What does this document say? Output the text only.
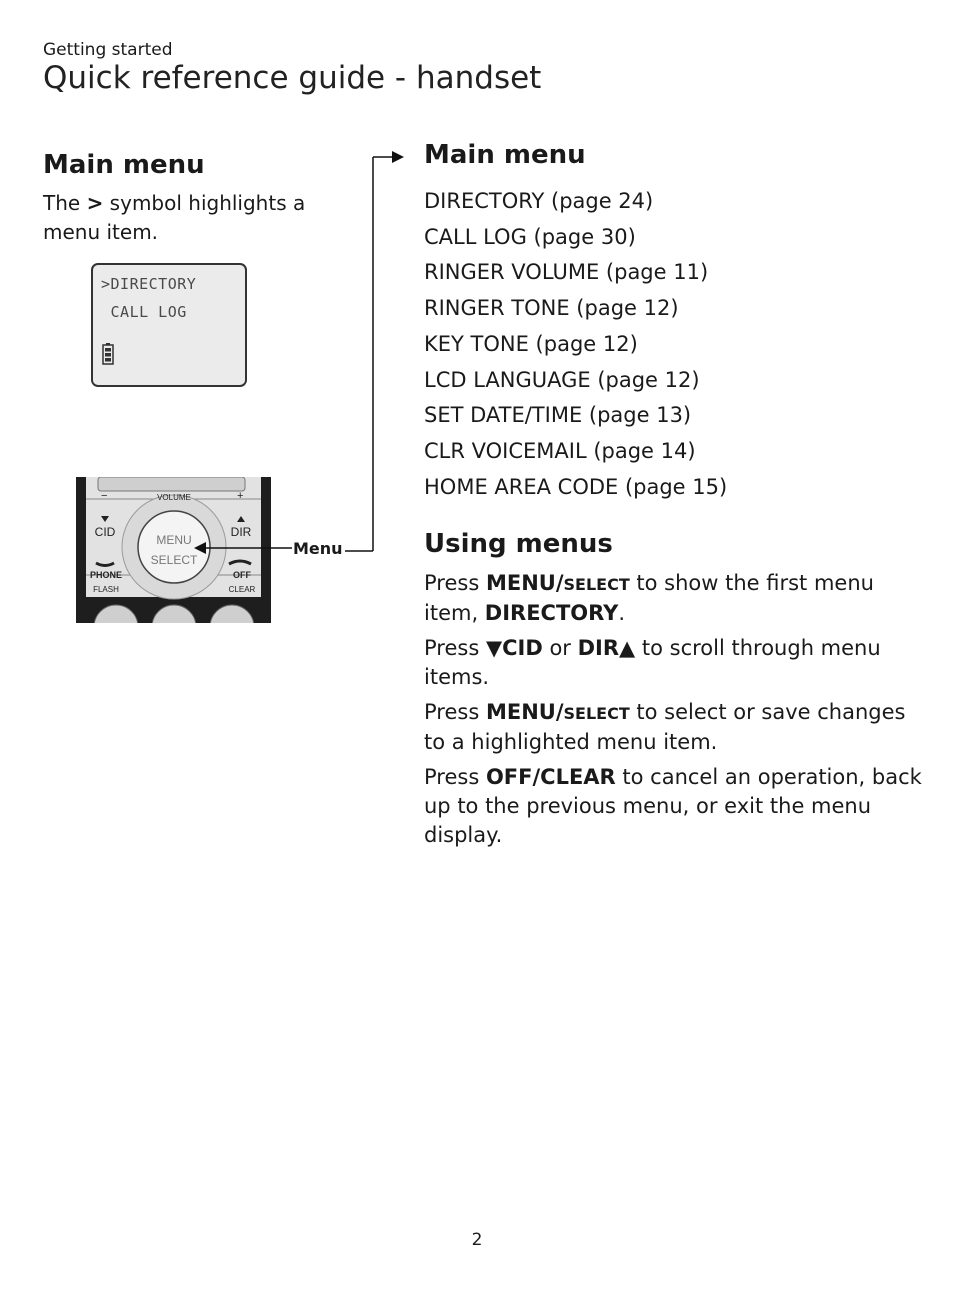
Getting started
Quick reference guide - handset
Main menu

The > symbol highlights a menu item.

>DIRECTORY
CALL LOG
−	VOLUME	+
CID	DIR
MENU
SELECT
PHONE
FLASH
OFF
CLEAR
Menu
Main menu
DIRECTORY (page 24)
CALL LOG (page 30)
RINGER VOLUME (page 11)
RINGER TONE (page 12)
KEY TONE (page 12)
LCD LANGUAGE (page 12)
SET DATE/TIME (page 13)
CLR VOICEMAIL (page 14)
HOME AREA CODE (page 15)
Using menus

Press MENU/SELECT to show the first menu item, DIRECTORY.

Press ▼CID or DIR▲ to scroll through menu items.

Press MENU/SELECT to select or save changes to a highlighted menu item.

Press OFF/CLEAR to cancel an operation, back up to the previous menu, or exit the menu display.

2
